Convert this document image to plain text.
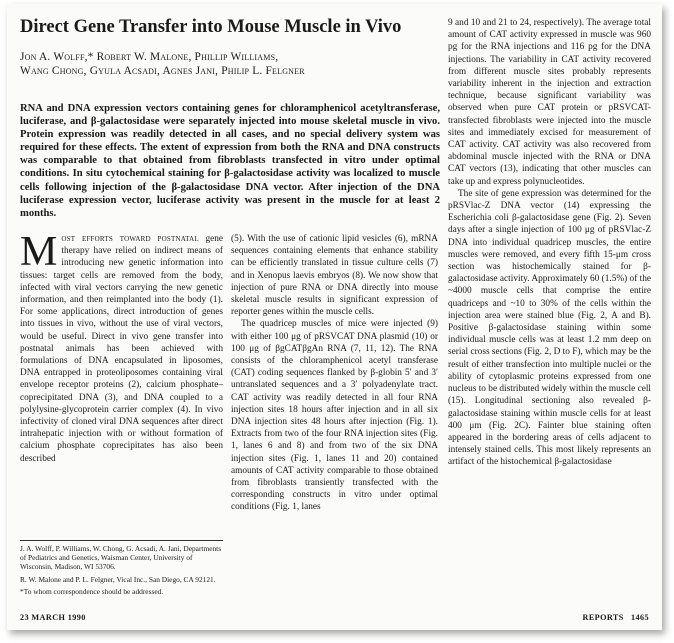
Direct Gene Transfer into Mouse Muscle in Vivo
Jon A. Wolff,* Robert W. Malone, Phillip Williams,
Wang Chong, Gyula Acsadi, Agnes Jani, Philip L. Felgner

RNA and DNA expression vectors containing genes for chloramphenicol acetyltransferase, luciferase, and β-galactosidase were separately injected into mouse skeletal muscle in vivo. Protein expression was readily detected in all cases, and no special delivery system was required for these effects. The extent of expression from both the RNA and DNA constructs was comparable to that obtained from fibroblasts transfected in vitro under optimal conditions. In situ cytochemical staining for β-galactosidase activity was localized to muscle cells following injection of the β-galactosidase DNA vector. After injection of the DNA luciferase expression vector, luciferase activity was present in the muscle for at least 2 months.

Most efforts toward postnatal gene therapy have relied on indirect means of introducing new genetic information into tissues: target cells are removed from the body, infected with viral vectors carrying the new genetic information, and then reimplanted into the body (1). For some applications, direct introduction of genes into tissues in vivo, without the use of viral vectors, would be useful. Direct in vivo gene transfer into postnatal animals has been achieved with formulations of DNA encapsulated in liposomes, DNA entrapped in proteoliposomes containing viral envelope receptor proteins (2), calcium phosphate–coprecipitated DNA (3), and DNA coupled to a polylysine-glycoprotein carrier complex (4). In vivo infectivity of cloned viral DNA sequences after direct intrahepatic injection with or without formation of calcium phosphate coprecipitates has also been described

(5). With the use of cationic lipid vesicles (6), mRNA sequences containing elements that enhance stability can be efficiently translated in tissue culture cells (7) and in Xenopus laevis embryos (8). We now show that injection of pure RNA or DNA directly into mouse skeletal muscle results in significant expression of reporter genes within the muscle cells.

The quadricep muscles of mice were injected (9) with either 100 μg of pRSVCAT DNA plasmid (10) or 100 μg of βgCATβgAn RNA (7, 11, 12). The RNA consists of the chloramphenicol acetyl transferase (CAT) coding sequences flanked by β-globin 5′ and 3′ untranslated sequences and a 3′ polyadenylate tract. CAT activity was readily detected in all four RNA injection sites 18 hours after injection and in all six DNA injection sites 48 hours after injection (Fig. 1). Extracts from two of the four RNA injection sites (Fig. 1, lanes 6 and 8) and from two of the six DNA injection sites (Fig. 1, lanes 11 and 20) contained amounts of CAT activity comparable to those obtained from fibroblasts transiently transfected with the corresponding constructs in vitro under optimal conditions (Fig. 1, lanes

9 and 10 and 21 to 24, respectively). The average total amount of CAT activity expressed in muscle was 960 pg for the RNA injections and 116 pg for the DNA injections. The variability in CAT activity recovered from different muscle sites probably represents variability inherent in the injection and extraction technique, because significant variability was observed when pure CAT protein or pRSVCAT-transfected fibroblasts were injected into the muscle sites and immediately excised for measurement of CAT activity. CAT activity was also recovered from abdominal muscle injected with the RNA or DNA CAT vectors (13), indicating that other muscles can take up and express polynucleotides.

The site of gene expression was determined for the pRSVlac-Z DNA vector (14) expressing the Escherichia coli β-galactosidase gene (Fig. 2). Seven days after a single injection of 100 μg of pRSVlac-Z DNA into individual quadricep muscles, the entire muscles were removed, and every fifth 15-μm cross section was histochemically stained for β-galactosidase activity. Approximately 60 (1.5%) of the ~4000 muscle cells that comprise the entire quadriceps and ~10 to 30% of the cells within the injection area were stained blue (Fig. 2, A and B). Positive β-galactosidase staining within some individual muscle cells was at least 1.2 mm deep on serial cross sections (Fig. 2, D to F), which may be the result of either transfection into multiple nuclei or the ability of cytoplasmic proteins expressed from one nucleus to be distributed widely within the muscle cell (15). Longitudinal sectioning also revealed β-galactosidase staining within muscle cells for at least 400 μm (Fig. 2C). Fainter blue staining often appeared in the bordering areas of cells adjacent to intensely stained cells. This most likely represents an artifact of the histochemical β-galactosidase

J. A. Wolff, P. Williams, W. Chong, G. Acsadi, A. Jani, Departments of Pediatrics and Genetics, Waisman Center, University of Wisconsin, Madison, WI 53706.
R. W. Malone and P. L. Felgner, Vical Inc., San Diego, CA 92121.
*To whom correspondence should be addressed.
23 MARCH 1990	REPORTS   1465
